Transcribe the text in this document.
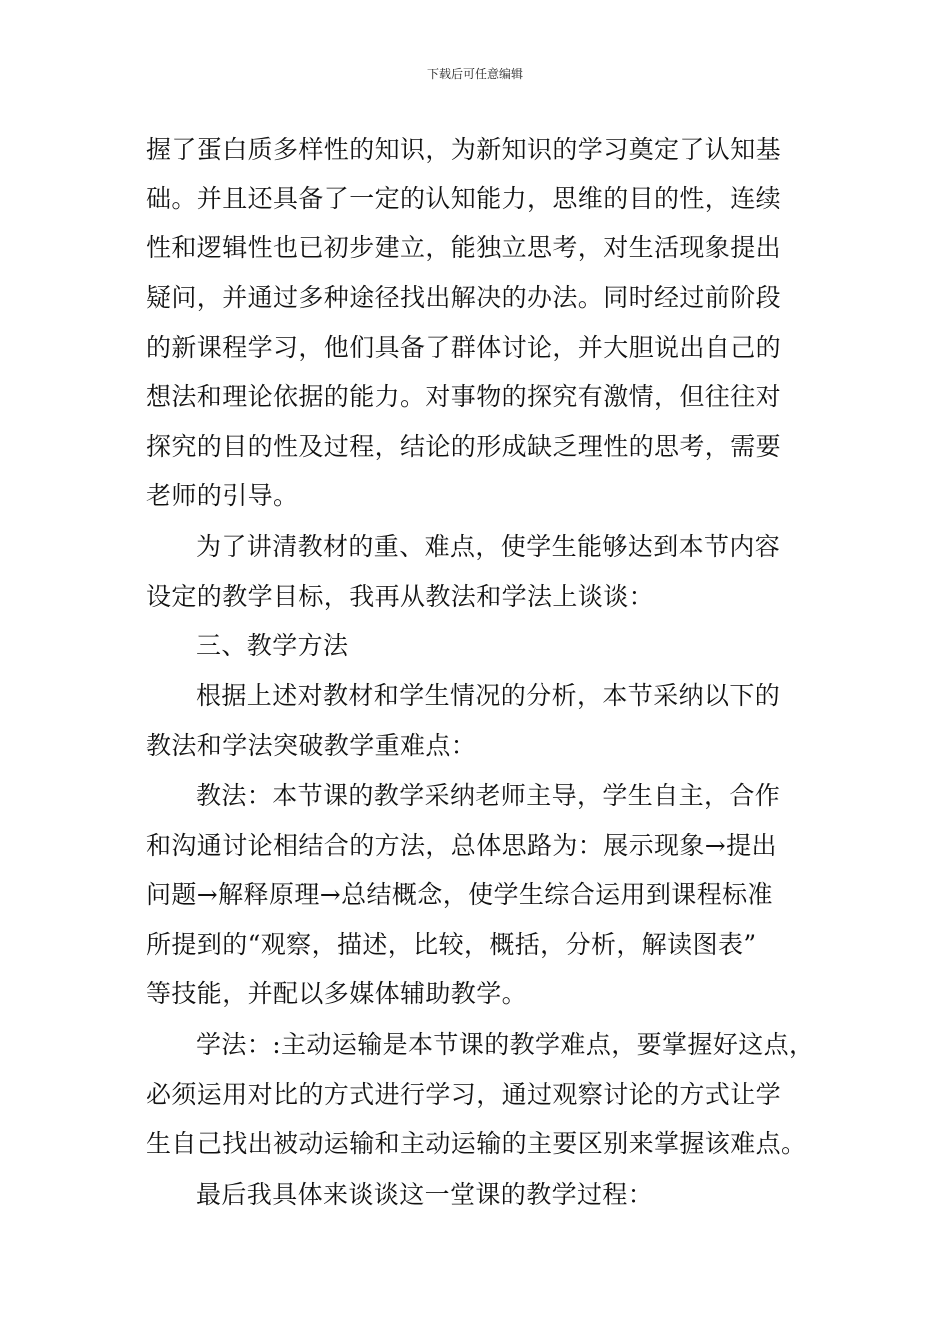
下载后可任意编辑
握了蛋白质多样性的知识，为新知识的学习奠定了认知基
础。并且还具备了一定的认知能力，思维的目的性，连续
性和逻辑性也已初步建立，能独立思考，对生活现象提出
疑问，并通过多种途径找出解决的办法。同时经过前阶段
的新课程学习，他们具备了群体讨论，并大胆说出自己的
想法和理论依据的能力。对事物的探究有激情，但往往对
探究的目的性及过程，结论的形成缺乏理性的思考，需要
老师的引导。
为了讲清教材的重、难点，使学生能够达到本节内容
设定的教学目标，我再从教法和学法上谈谈：
三、教学方法
根据上述对教材和学生情况的分析，本节采纳以下的
教法和学法突破教学重难点：
教法：本节课的教学采纳老师主导，学生自主，合作
和沟通讨论相结合的方法，总体思路为：展示现象→提出
问题→解释原理→总结概念，使学生综合运用到课程标准
所提到的“观察，描述，比较，概括，分析，解读图表”
等技能，并配以多媒体辅助教学。
学法：:主动运输是本节课的教学难点，要掌握好这点，
必须运用对比的方式进行学习，通过观察讨论的方式让学
生自己找出被动运输和主动运输的主要区别来掌握该难点。
最后我具体来谈谈这一堂课的教学过程：
